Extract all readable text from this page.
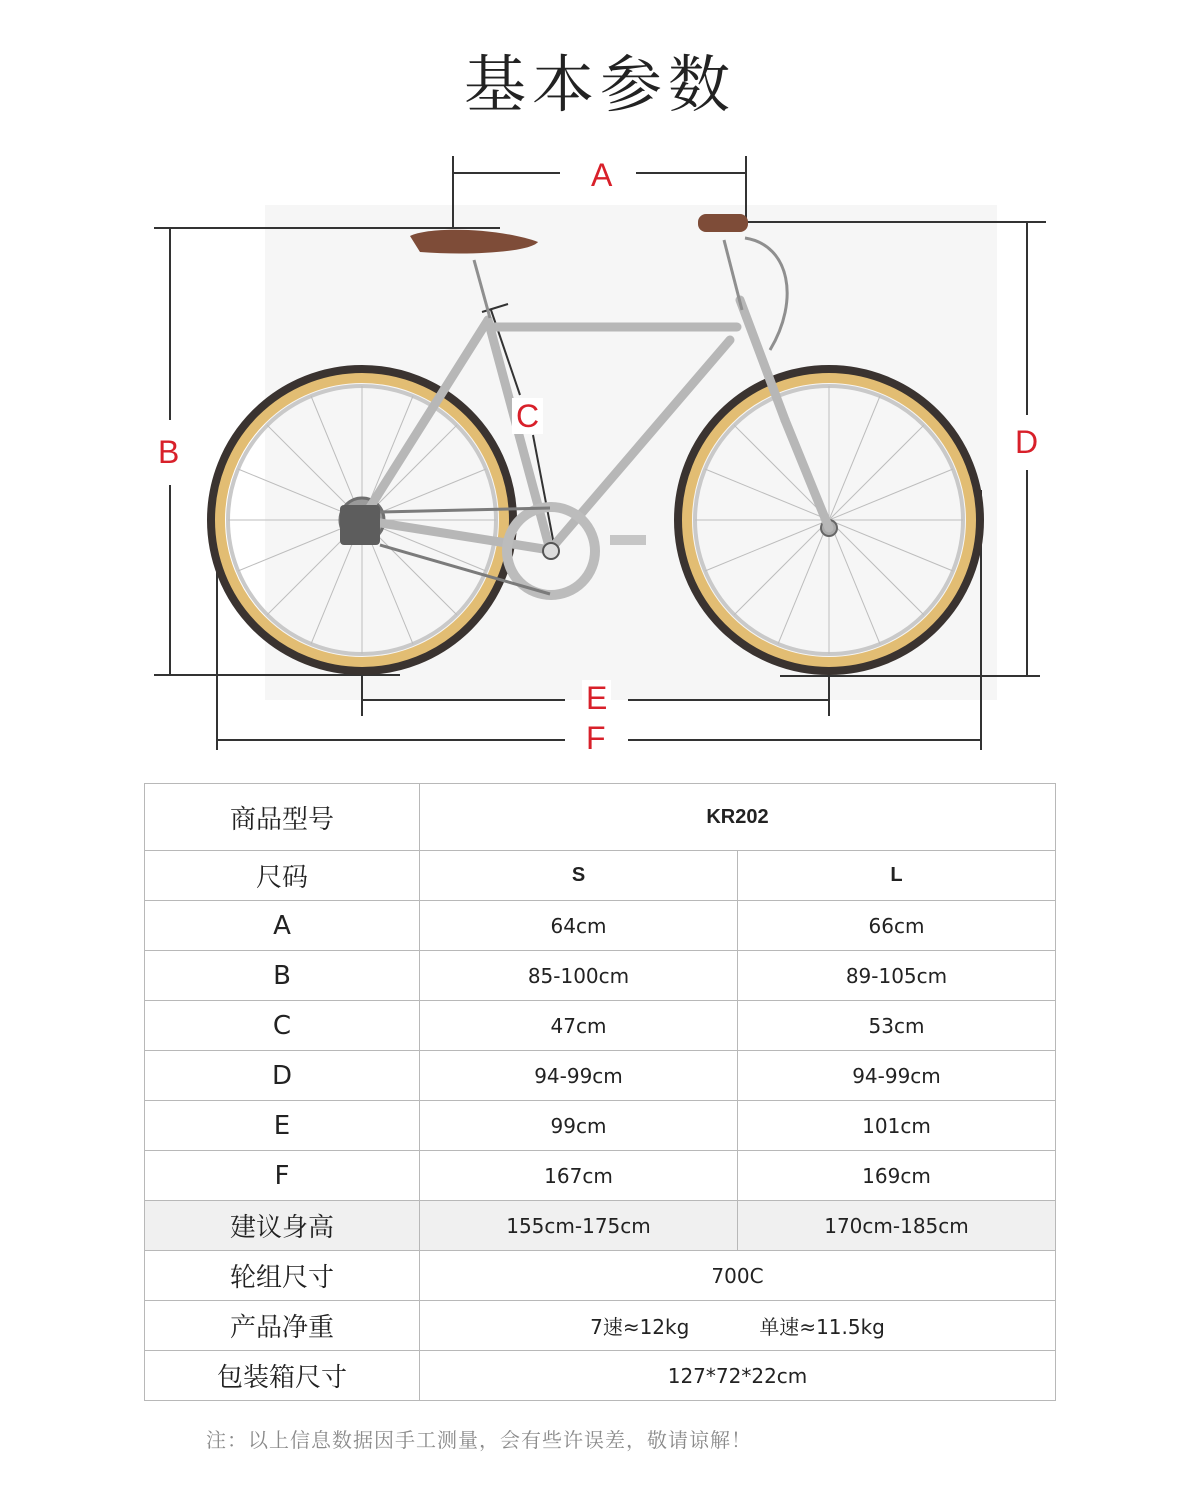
基本参数
A
B
C
D
E
F
商品型号	KR202	
尺码	S	L
A	64cm	66cm
B	85-100cm	89-105cm
C	47cm	53cm
D	94-99cm	94-99cm
E	99cm	101cm
F	167cm	169cm
建议身高	155cm-175cm	170cm-185cm
轮组尺寸	700C	
产品净重	7速≈12kg 单速≈11.5kg	
包装箱尺寸	127*72*22cm	
注：以上信息数据因手工测量，会有些许误差，敬请谅解！
